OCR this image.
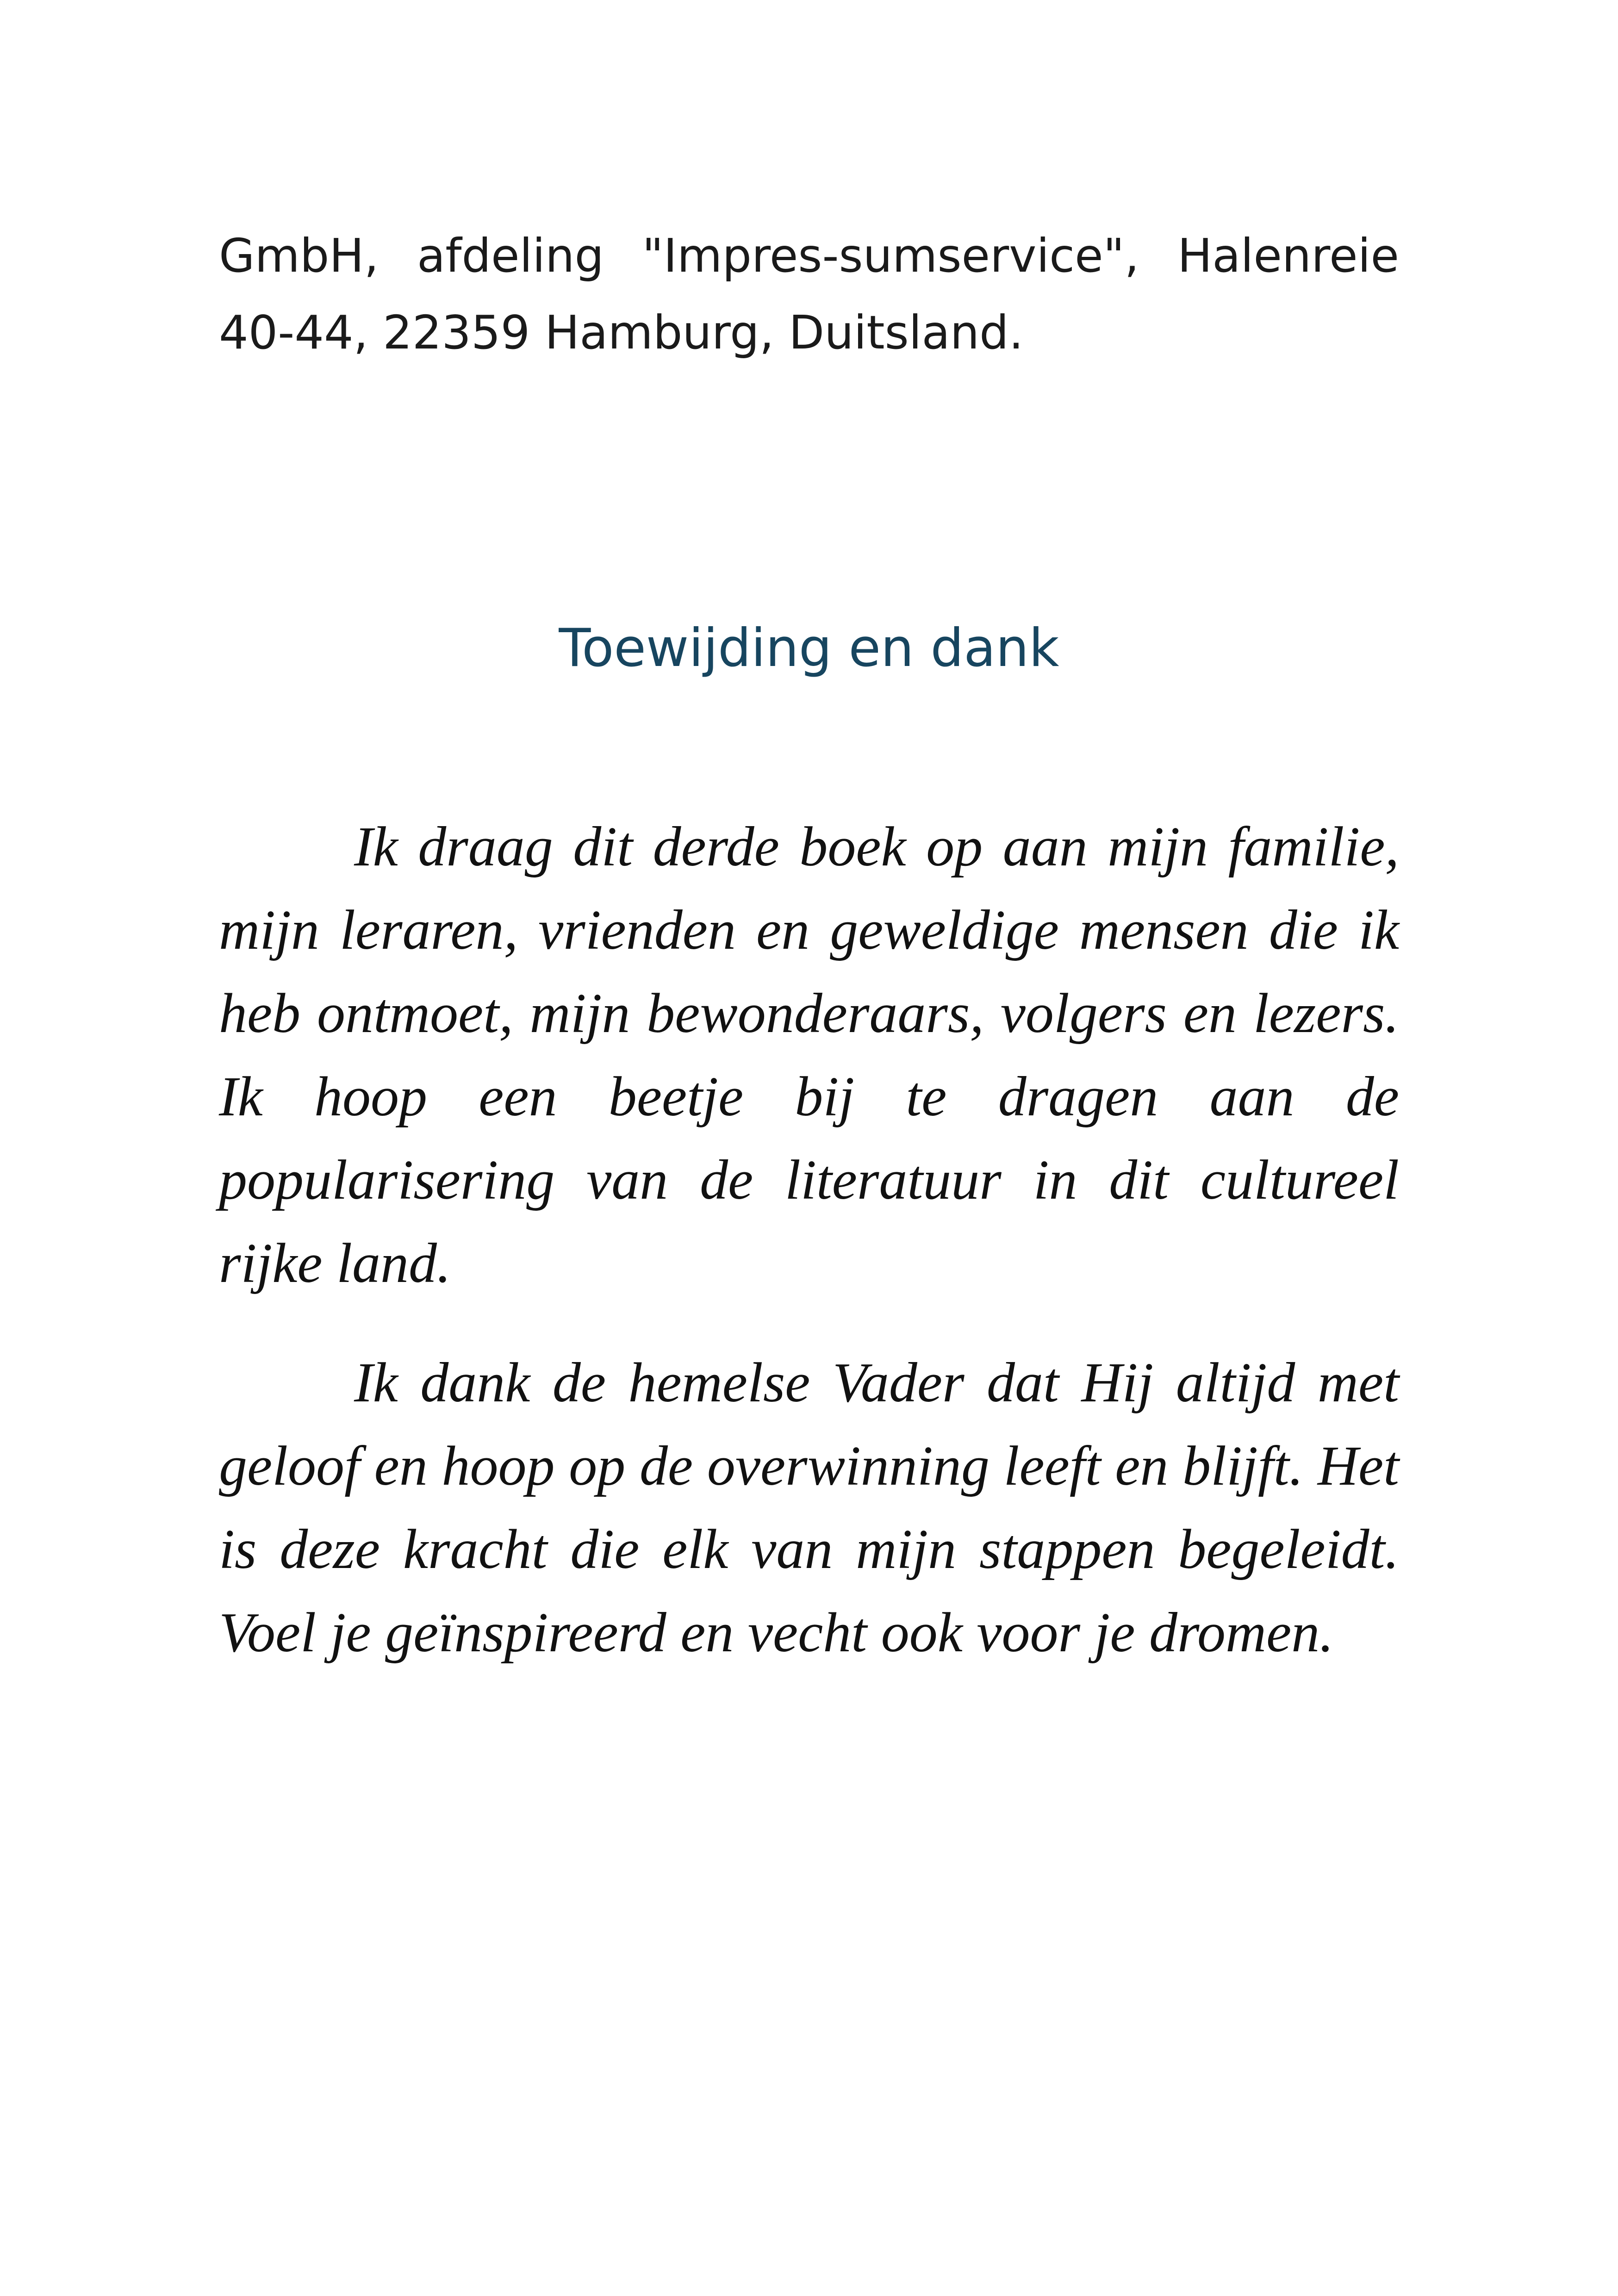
GmbH, afdeling "Impres-sumservice", Halenreie 40-44, 22359 Hamburg, Duitsland.
Toewijding en dank

Ik draag dit derde boek op aan mijn familie, mijn leraren, vrienden en geweldige mensen die ik heb ontmoet, mijn bewonderaars, volgers en lezers. Ik hoop een beetje bij te dragen aan de popularisering van de literatuur in dit cultureel rijke land.

Ik dank de hemelse Vader dat Hij altijd met geloof en hoop op de overwinning leeft en blijft. Het is deze kracht die elk van mijn stappen begeleidt. Voel je geïnspireerd en vecht ook voor je dromen.
